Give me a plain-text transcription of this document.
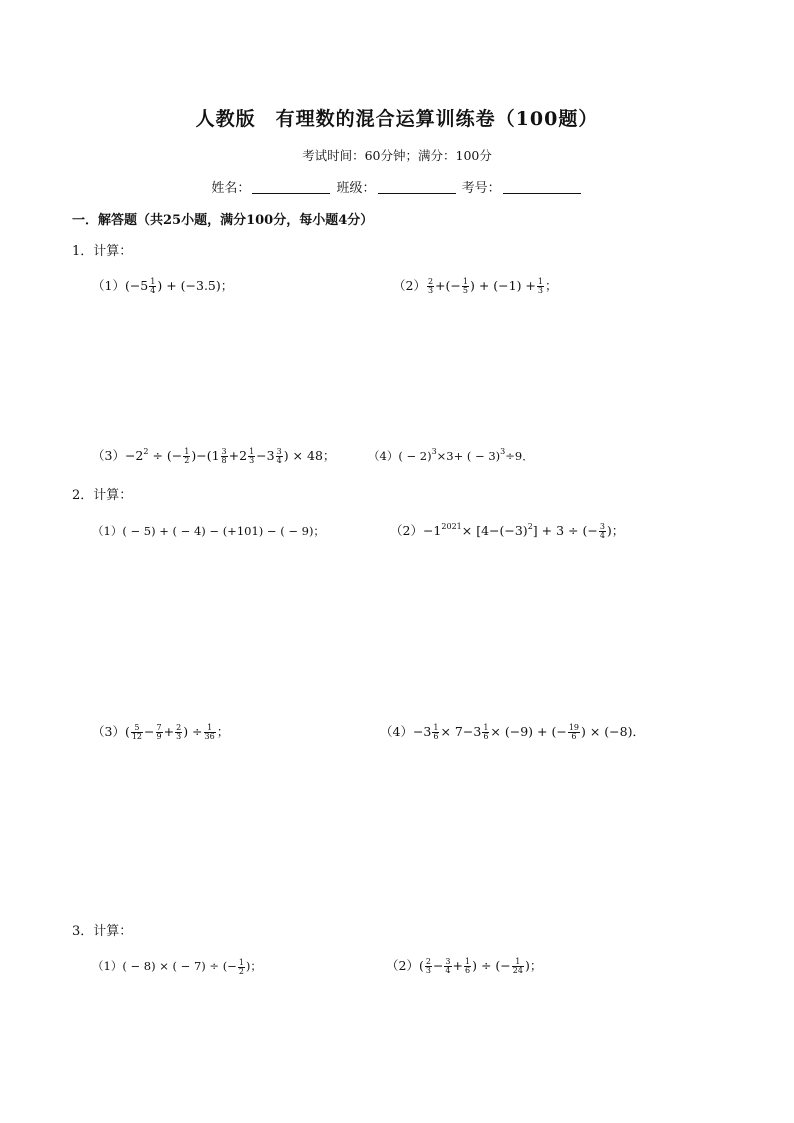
人教版　有理数的混合运算训练卷（100题）
考试时间：60分钟；满分：100分
姓名：	班级：	考号：
一．解答题（共25小题，满分100分，每小题4分）
1．计算：
$(1)(-5 \frac{1}{4}$ ) + (−3.5)；	$(2) \frac{2}{3}$ +(− $\frac{1}{5}$ ) + $(-1) + \frac{1}{3}$ ；
$(3)-2^2$ ÷ (− $\frac{1}{2} )-(1 \frac{3}{8} +2 \frac{1}{3} -3 \frac{3}{4}$ ) × 48；	$(4)( - 2)^3\times 3+$ ( − 3)$^3$÷9．
2．计算：
（1）( − 5) + ( − 4) − (+101) − ( − 9)；	$(2)-1^{2021}\times [4-(-3)^2] + 3$ ÷ (− $\frac{3}{4}$ )；
$(3)( \frac{5}{12} - \frac{7}{9} + \frac{2}{3}$ ) ÷ $\frac{1}{36}$ ；	$(4)-3 \frac{1}{6} \times 7-3 \frac{1}{6} \times (-9)$ + (− $\frac{19}{6}$ ) × (−8)．
3．计算：
（1）( − 8) × ( − 7) ÷ (− $\frac{1}{2}$ )；	$(2)( \frac{2}{3} - \frac{3}{4} + \frac{1}{6}$ ) ÷ (− $\frac{1}{24}$ )；
